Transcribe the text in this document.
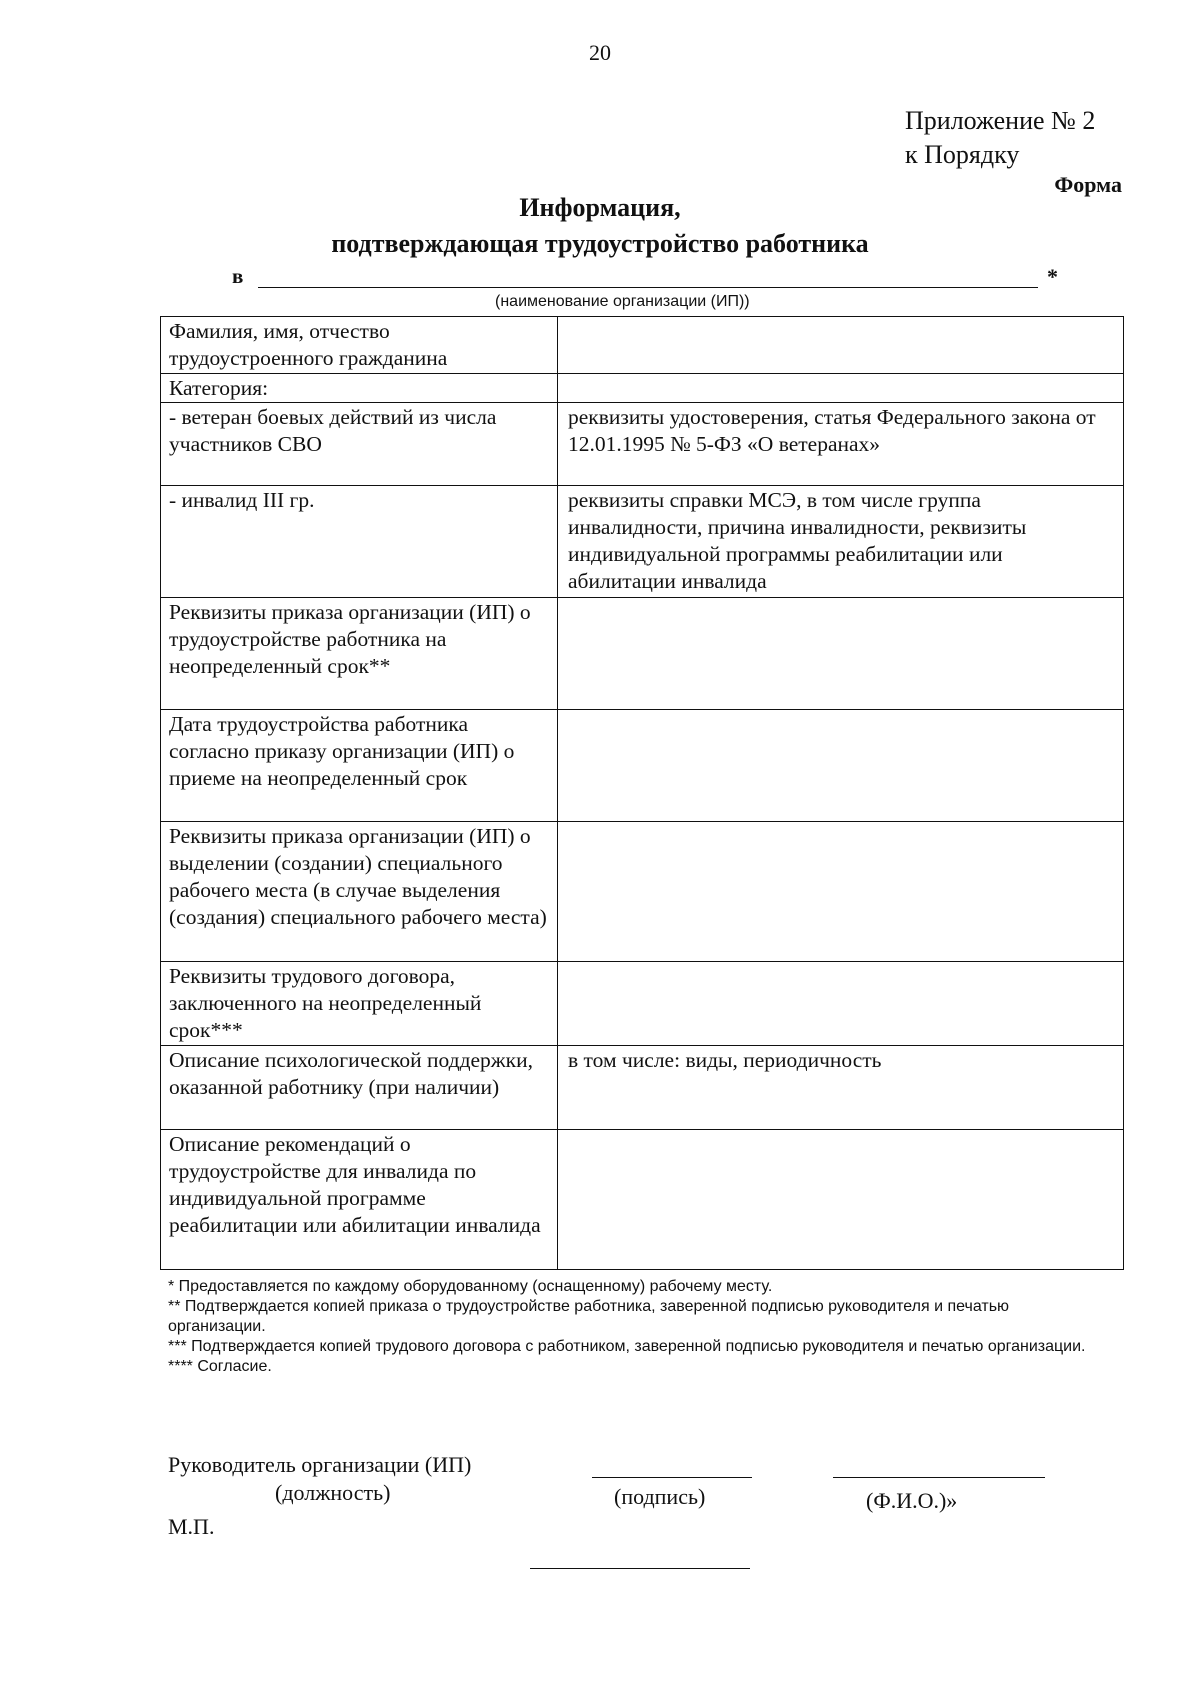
20
Приложение № 2
к Порядку
Форма
Информация,
подтверждающая трудоустройство работника
в	*
(наименование организации (ИП))
Фамилия, имя, отчество трудоустроенного гражданина	
Категория:	
- ветеран боевых действий из числа участников СВО	реквизиты удостоверения, статья Федерального закона от 12.01.1995 № 5-ФЗ «О ветеранах»
- инвалид III гр.	реквизиты справки МСЭ, в том числе группа инвалидности, причина инвалидности, реквизиты индивидуальной программы реабилитации или абилитации инвалида
Реквизиты приказа организации (ИП) о трудоустройстве работника на неопределенный срок**	
Дата трудоустройства работника согласно приказу организации (ИП) о приеме на неопределенный срок	
Реквизиты приказа организации (ИП) о выделении (создании) специального рабочего места (в случае выделения (создания) специального рабочего места)	
Реквизиты трудового договора, заключенного на неопределенный срок***	
Описание психологической поддержки, оказанной работнику (при наличии)	в том числе: виды, периодичность
Описание рекомендаций о трудоустройстве для инвалида по индивидуальной программе реабилитации или абилитации инвалида	
* Предоставляется по каждому оборудованному (оснащенному) рабочему месту.
** Подтверждается копией приказа о трудоустройстве работника, заверенной подписью руководителя и печатью организации.
*** Подтверждается копией трудового договора с работником, заверенной подписью руководителя и печатью организации.
**** Согласие.
Руководитель организации (ИП)
(должность)	(подпись)	(Ф.И.О.)»
М.П.
